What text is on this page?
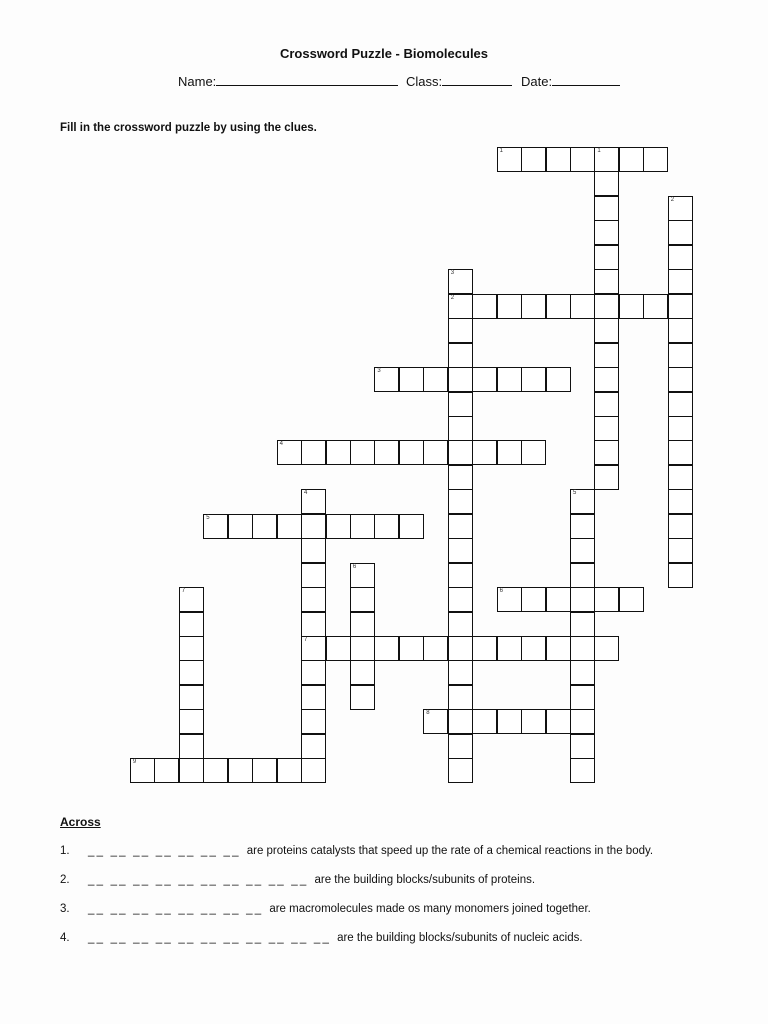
Crossword Puzzle - Biomolecules
Name:	Class:	Date:
Fill in the crossword puzzle by using the clues.
1	1
2
3
4
5
6
7
8
9
2
3
4	5
6
7
Across
1. __ __ __ __ __ __ __ are proteins catalysts that speed up the rate of a chemical reactions in the body.
2. __ __ __ __ __ __ __ __ __ __ are the building blocks/subunits of proteins.
3. __ __ __ __ __ __ __ __ are macromolecules made os many monomers joined together.
4. __ __ __ __ __ __ __ __ __ __ __ are the building blocks/subunits of nucleic acids.
